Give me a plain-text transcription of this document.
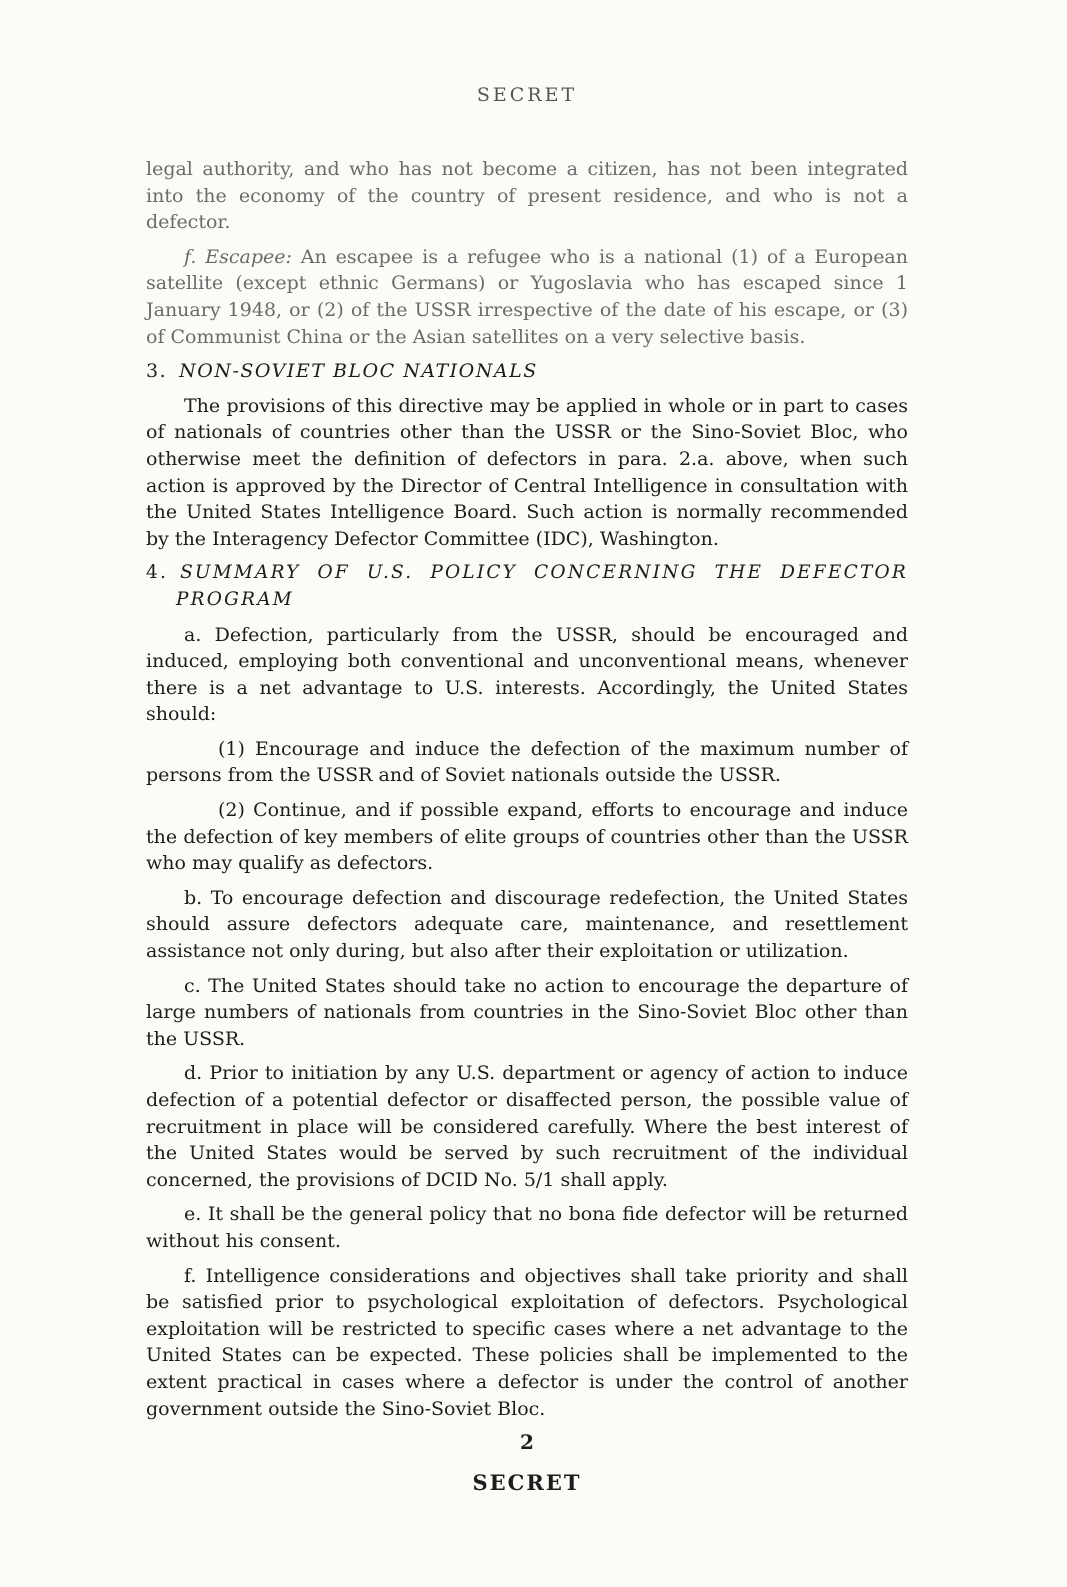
SECRET

legal authority, and who has not become a citizen, has not been integrated into the economy of the country of present residence, and who is not a defector.

f. Escapee: An escapee is a refugee who is a national (1) of a European satellite (except ethnic Germans) or Yugoslavia who has escaped since 1 January 1948, or (2) of the USSR irrespective of the date of his escape, or (3) of Communist China or the Asian satellites on a very selective basis.

3. NON-SOVIET BLOC NATIONALS

The provisions of this directive may be applied in whole or in part to cases of nationals of countries other than the USSR or the Sino-Soviet Bloc, who otherwise meet the definition of defectors in para. 2.a. above, when such action is approved by the Director of Central Intelligence in consultation with the United States Intelligence Board. Such action is normally recommended by the Interagency Defector Committee (IDC), Washington.

4. SUMMARY OF U.S. POLICY CONCERNING THE DEFECTOR PROGRAM

a. Defection, particularly from the USSR, should be encouraged and induced, employing both conventional and unconventional means, whenever there is a net advantage to U.S. interests. Accordingly, the United States should:

(1) Encourage and induce the defection of the maximum number of persons from the USSR and of Soviet nationals outside the USSR.

(2) Continue, and if possible expand, efforts to encourage and induce the defection of key members of elite groups of countries other than the USSR who may qualify as defectors.

b. To encourage defection and discourage redefection, the United States should assure defectors adequate care, maintenance, and resettlement assistance not only during, but also after their exploitation or utilization.

c. The United States should take no action to encourage the departure of large numbers of nationals from countries in the Sino-Soviet Bloc other than the USSR.

d. Prior to initiation by any U.S. department or agency of action to induce defection of a potential defector or disaffected person, the possible value of recruitment in place will be considered carefully. Where the best interest of the United States would be served by such recruitment of the individual concerned, the provisions of DCID No. 5/1 shall apply.

e. It shall be the general policy that no bona fide defector will be returned without his consent.

f. Intelligence considerations and objectives shall take priority and shall be satisfied prior to psychological exploitation of defectors. Psychological exploitation will be restricted to specific cases where a net advantage to the United States can be expected. These policies shall be implemented to the extent practical in cases where a defector is under the control of another government outside the Sino-Soviet Bloc.

2
SECRET
